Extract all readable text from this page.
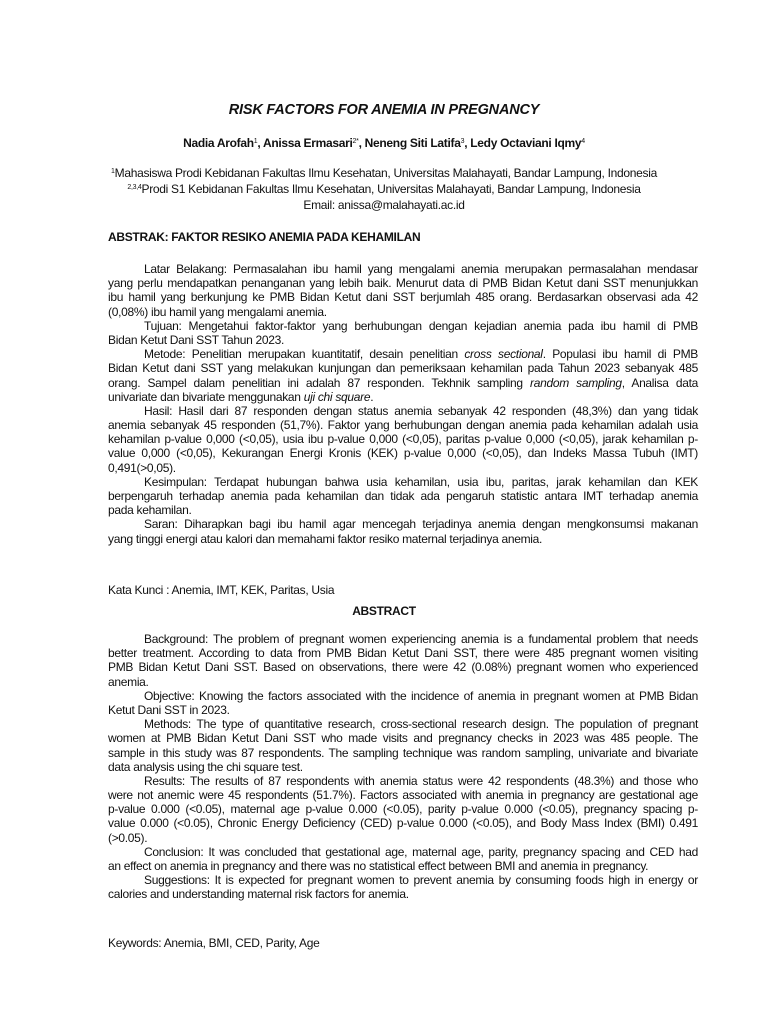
RISK FACTORS FOR ANEMIA IN PREGNANCY
Nadia Arofah$^1$, Anissa Ermasari$^{2*}$, Neneng Siti Latifa$^3$, Ledy Octaviani Iqmy$^4$
$^1$Mahasiswa Prodi Kebidanan Fakultas Ilmu Kesehatan, Universitas Malahayati, Bandar Lampung, Indonesia
$^{2,3,4}$Prodi S1 Kebidanan Fakultas Ilmu Kesehatan, Universitas Malahayati, Bandar Lampung, Indonesia
Email: anissa@malahayati.ac.id
ABSTRAK: FAKTOR RESIKO ANEMIA PADA KEHAMILAN
Latar Belakang: Permasalahan ibu hamil yang mengalami anemia merupakan permasalahan mendasar
yang perlu mendapatkan penanganan yang lebih baik. Menurut data di PMB Bidan Ketut dani SST menunjukkan
ibu hamil yang berkunjung ke PMB Bidan Ketut dani SST berjumlah 485 orang. Berdasarkan observasi ada 42
(0,08%) ibu hamil yang mengalami anemia.
Tujuan: Mengetahui faktor-faktor yang berhubungan dengan kejadian anemia pada ibu hamil di PMB
Bidan Ketut Dani SST Tahun 2023.
Metode: Penelitian merupakan kuantitatif, desain penelitian cross sectional. Populasi ibu hamil di PMB
Bidan Ketut dani SST yang melakukan kunjungan dan pemeriksaan kehamilan pada Tahun 2023 sebanyak 485
orang. Sampel dalam penelitian ini adalah 87 responden. Tekhnik sampling random sampling, Analisa data
univariate dan bivariate menggunakan uji chi square.
Hasil: Hasil dari 87 responden dengan status anemia sebanyak 42 responden (48,3%) dan yang tidak
anemia sebanyak 45 responden (51,7%). Faktor yang berhubungan dengan anemia pada kehamilan adalah usia
kehamilan p-value 0,000 (<0,05), usia ibu p-value 0,000 (<0,05), paritas p-value 0,000 (<0,05), jarak kehamilan p-
value 0,000 (<0,05), Kekurangan Energi Kronis (KEK) p-value 0,000 (<0,05), dan Indeks Massa Tubuh (IMT)
0,491(>0,05).
Kesimpulan: Terdapat hubungan bahwa usia kehamilan, usia ibu, paritas, jarak kehamilan dan KEK
berpengaruh terhadap anemia pada kehamilan dan tidak ada pengaruh statistic antara IMT terhadap anemia
pada kehamilan.
Saran: Diharapkan bagi ibu hamil agar mencegah terjadinya anemia dengan mengkonsumsi makanan
yang tinggi energi atau kalori dan memahami faktor resiko maternal terjadinya anemia.
Kata Kunci : Anemia, IMT, KEK, Paritas, Usia
ABSTRACT
Background: The problem of pregnant women experiencing anemia is a fundamental problem that needs
better treatment. According to data from PMB Bidan Ketut Dani SST, there were 485 pregnant women visiting
PMB Bidan Ketut Dani SST. Based on observations, there were 42 (0.08%) pregnant women who experienced
anemia.
Objective: Knowing the factors associated with the incidence of anemia in pregnant women at PMB Bidan
Ketut Dani SST in 2023.
Methods: The type of quantitative research, cross-sectional research design. The population of pregnant
women at PMB Bidan Ketut Dani SST who made visits and pregnancy checks in 2023 was 485 people. The
sample in this study was 87 respondents. The sampling technique was random sampling, univariate and bivariate
data analysis using the chi square test.
Results: The results of 87 respondents with anemia status were 42 respondents (48.3%) and those who
were not anemic were 45 respondents (51.7%). Factors associated with anemia in pregnancy are gestational age
p-value 0.000 (<0.05), maternal age p-value 0.000 (<0.05), parity p-value 0.000 (<0.05), pregnancy spacing p-
value 0.000 (<0.05), Chronic Energy Deficiency (CED) p-value 0.000 (<0.05), and Body Mass Index (BMI) 0.491
(>0.05).
Conclusion: It was concluded that gestational age, maternal age, parity, pregnancy spacing and CED had
an effect on anemia in pregnancy and there was no statistical effect between BMI and anemia in pregnancy.
Suggestions: It is expected for pregnant women to prevent anemia by consuming foods high in energy or
calories and understanding maternal risk factors for anemia.
Keywords: Anemia, BMI, CED, Parity, Age
